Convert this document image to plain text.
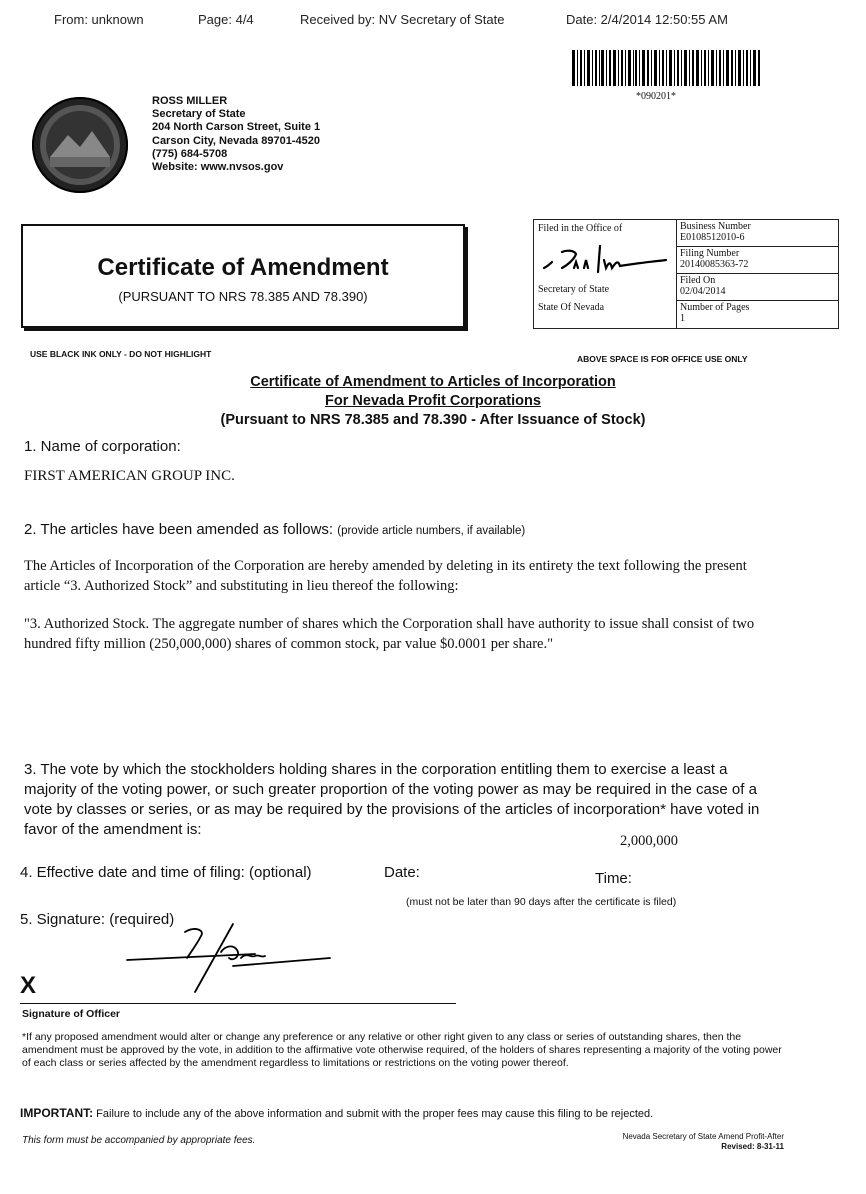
From: unknown	Page: 4/4	Received by: NV Secretary of State	Date: 2/4/2014 12:50:55 AM
*090201*
ROSS MILLER
Secretary of State
204 North Carson Street, Suite 1
Carson City, Nevada 89701-4520
(775) 684-5708
Website: www.nvsos.gov
Certificate of Amendment
(PURSUANT TO NRS 78.385 AND 78.390)
Filed in the Office of
Secretary of State
State Of Nevada
Business Number
E0108512010-6
Filing Number
20140085363-72
Filed On
02/04/2014
Number of Pages
1
USE BLACK INK ONLY - DO NOT HIGHLIGHT	ABOVE SPACE IS FOR OFFICE USE ONLY
Certificate of Amendment to Articles of Incorporation
For Nevada Profit Corporations
(Pursuant to NRS 78.385 and 78.390 - After Issuance of Stock)
1. Name of corporation:
FIRST AMERICAN GROUP INC.
2. The articles have been amended as follows: (provide article numbers, if available)
The Articles of Incorporation of the Corporation are hereby amended by deleting in its entirety the text following the present article “3. Authorized Stock” and substituting in lieu thereof the following:
"3. Authorized Stock. The aggregate number of shares which the Corporation shall have authority to issue shall consist of two hundred fifty million (250,000,000) shares of common stock, par value $0.0001 per share."
3. The vote by which the stockholders holding shares in the corporation entitling them to exercise a least a majority of the voting power, or such greater proportion of the voting power as may be required in the case of a vote by classes or series, or as may be required by the provisions of the articles of incorporation* have voted in favor of the amendment is:
2,000,000
4. Effective date and time of filing: (optional)	Date:	Time:
(must not be later than 90 days after the certificate is filed)
5. Signature: (required)
X
Signature of Officer
*If any proposed amendment would alter or change any preference or any relative or other right given to any class or series of outstanding shares, then the amendment must be approved by the vote, in addition to the affirmative vote otherwise required, of the holders of shares representing a majority of the voting power of each class or series affected by the amendment regardless to limitations or restrictions on the voting power thereof.
IMPORTANT: Failure to include any of the above information and submit with the proper fees may cause this filing to be rejected.
This form must be accompanied by appropriate fees.	Nevada Secretary of State Amend Profit-After
Revised: 8-31-11
